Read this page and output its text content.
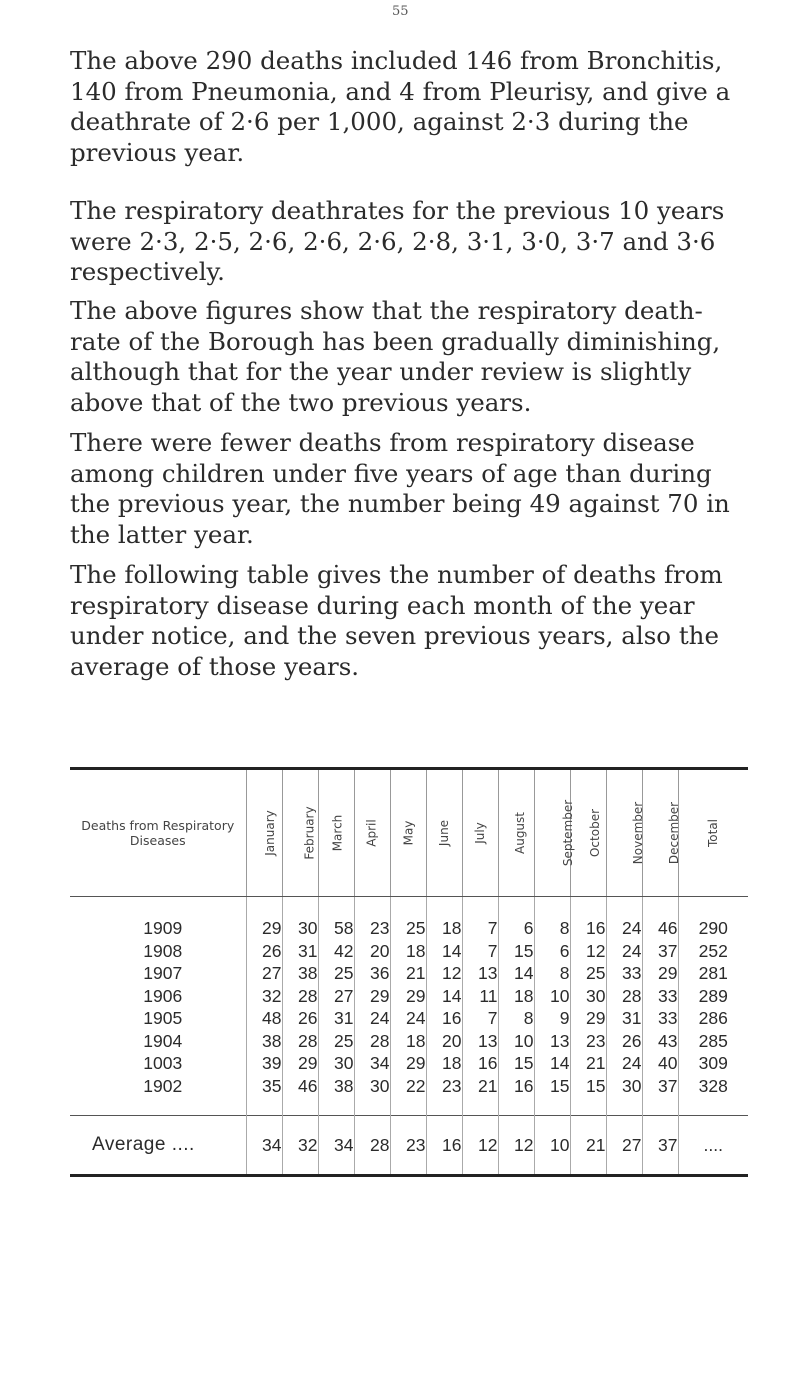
55

The above 290 deaths included 146 from Bronchitis, 140 from Pneumonia, and 4 from Pleurisy, and give a deathrate of 2·6 per 1,000, against 2·3 during the previous year.

The respiratory deathrates for the previous 10 years were 2·3, 2·5, 2·6, 2·6, 2·6, 2·8, 3·1, 3·0, 3·7 and 3·6 respectively.

The above figures show that the respiratory death- rate of the Borough has been gradually diminishing, although that for the year under review is slightly above that of the two previous years.

There were fewer deaths from respiratory disease among children under five years of age than during the previous year, the number being 49 against 70 in the latter year.

The following table gives the number of deaths from respiratory disease during each month of the year under notice, and the seven previous years, also the average of those years.

Deaths from Respiratory Diseases	January	February	March	April	May	June	July	August	September	October	November	December	Total
1909	29	30	58	23	25	18	7	6	8	16	24	46	290
1908	26	31	42	20	18	14	7	15	6	12	24	37	252
1907	27	38	25	36	21	12	13	14	8	25	33	29	281
1906	32	28	27	29	29	14	11	18	10	30	28	33	289
1905	48	26	31	24	24	16	7	8	9	29	31	33	286
1904	38	28	25	28	18	20	13	10	13	23	26	43	285
1003	39	29	30	34	29	18	16	15	14	21	24	40	309
1902	35	46	38	30	22	23	21	16	15	15	30	37	328
Average ....	34	32	34	28	23	16	12	12	10	21	27	37	....
